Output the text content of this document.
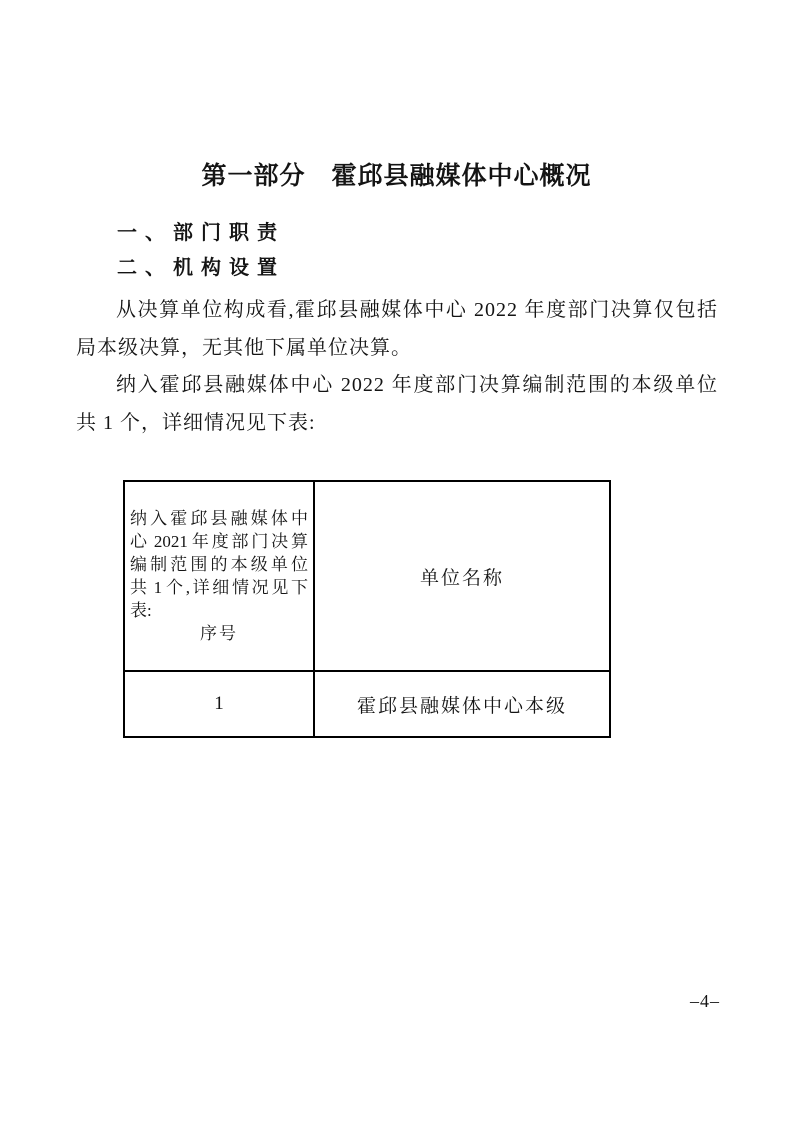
第一部分　霍邱县融媒体中心概况
一、部门职责
二、机构设置
从决算单位构成看,霍邱县融媒体中心 2022 年度部门决算仅包括
局本级决算，无其他下属单位决算。
纳入霍邱县融媒体中心 2022 年度部门决算编制范围的本级单位
共 1 个，详细情况见下表:
纳入霍邱县融媒体中
心 2021 年度部门决算
编制范围的本级单位
共 1 个,详细情况见下
表:
序号
单位名称
1	霍邱县融媒体中心本级
–4–
